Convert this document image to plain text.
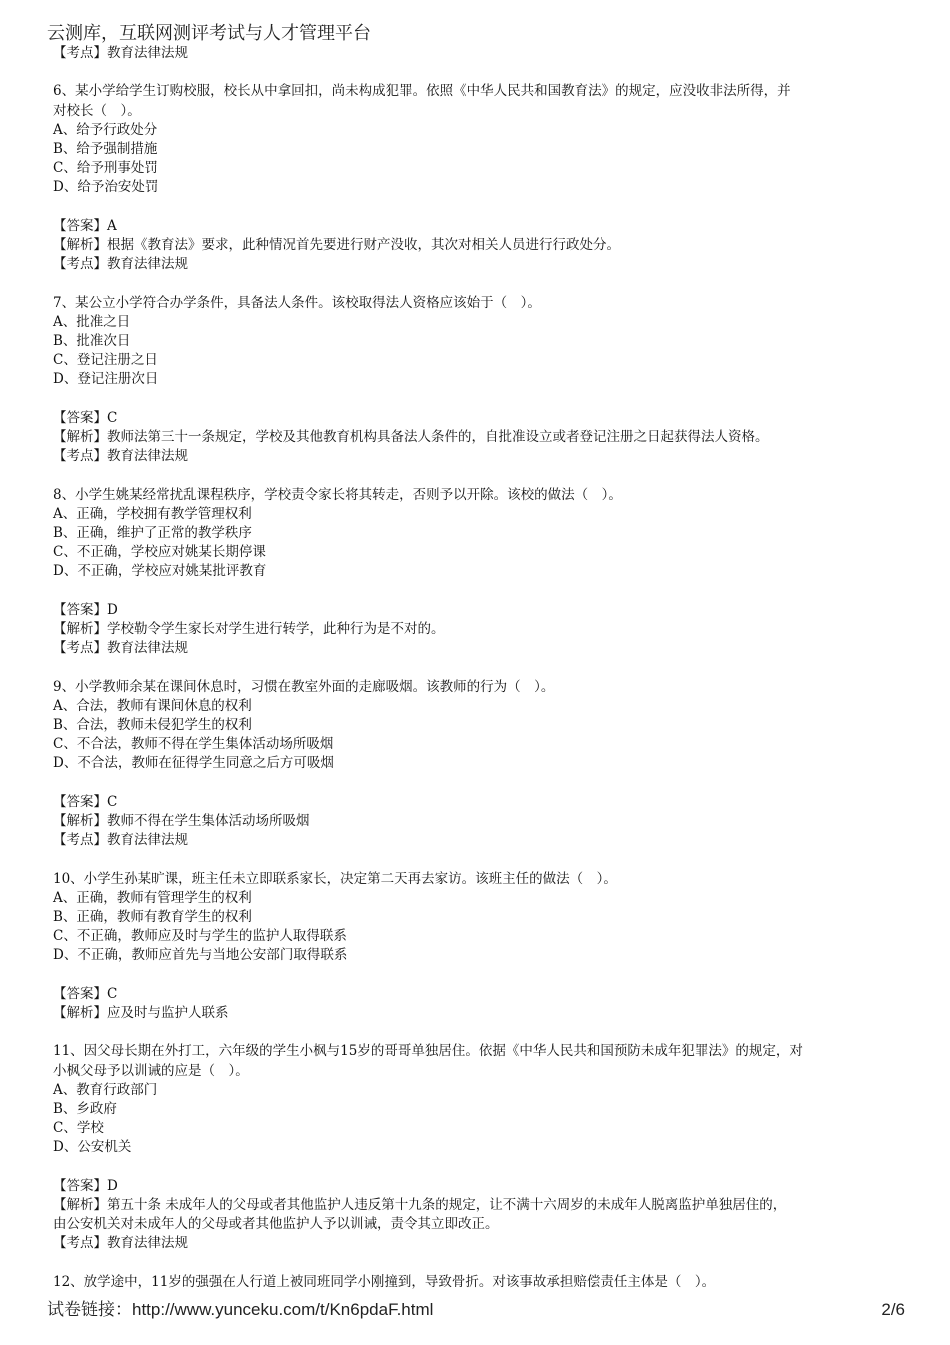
云测库，互联网测评考试与人才管理平台
【考点】教育法律法规
6、某小学给学生订购校服，校长从中拿回扣，尚未构成犯罪。依照《中华人民共和国教育法》的规定，应没收非法所得，并
对校长（　）。
A、给予行政处分
B、给予强制措施
C、给予刑事处罚
D、给予治安处罚
【答案】A
【解析】根据《教育法》要求，此种情况首先要进行财产没收，其次对相关人员进行行政处分。
【考点】教育法律法规
7、某公立小学符合办学条件，具备法人条件。该校取得法人资格应该始于（　）。
A、批准之日
B、批准次日
C、登记注册之日
D、登记注册次日
【答案】C
【解析】教师法第三十一条规定，学校及其他教育机构具备法人条件的，自批准设立或者登记注册之日起获得法人资格。
【考点】教育法律法规
8、小学生姚某经常扰乱课程秩序，学校责令家长将其转走，否则予以开除。该校的做法（　）。
A、正确，学校拥有教学管理权利
B、正确，维护了正常的教学秩序
C、不正确，学校应对姚某长期停课
D、不正确，学校应对姚某批评教育
【答案】D
【解析】学校勒令学生家长对学生进行转学，此种行为是不对的。
【考点】教育法律法规
9、小学教师余某在课间休息时，习惯在教室外面的走廊吸烟。该教师的行为（　）。
A、合法，教师有课间休息的权利
B、合法，教师未侵犯学生的权利
C、不合法，教师不得在学生集体活动场所吸烟
D、不合法，教师在征得学生同意之后方可吸烟
【答案】C
【解析】教师不得在学生集体活动场所吸烟
【考点】教育法律法规
10、小学生孙某旷课，班主任未立即联系家长，决定第二天再去家访。该班主任的做法（　）。
A、正确，教师有管理学生的权利
B、正确，教师有教育学生的权利
C、不正确，教师应及时与学生的监护人取得联系
D、不正确，教师应首先与当地公安部门取得联系
【答案】C
【解析】应及时与监护人联系
11、因父母长期在外打工，六年级的学生小枫与15岁的哥哥单独居住。依据《中华人民共和国预防未成年犯罪法》的规定，对
小枫父母予以训诫的应是（　）。
A、教育行政部门
B、乡政府
C、学校
D、公安机关
【答案】D
【解析】第五十条 未成年人的父母或者其他监护人违反第十九条的规定，让不满十六周岁的未成年人脱离监护单独居住的，
由公安机关对未成年人的父母或者其他监护人予以训诫，责令其立即改正。
【考点】教育法律法规
12、放学途中，11岁的强强在人行道上被同班同学小刚撞到，导致骨折。对该事故承担赔偿责任主体是（　）。
试卷链接：http://www.yunceku.com/t/Kn6pdaF.html	2/6
